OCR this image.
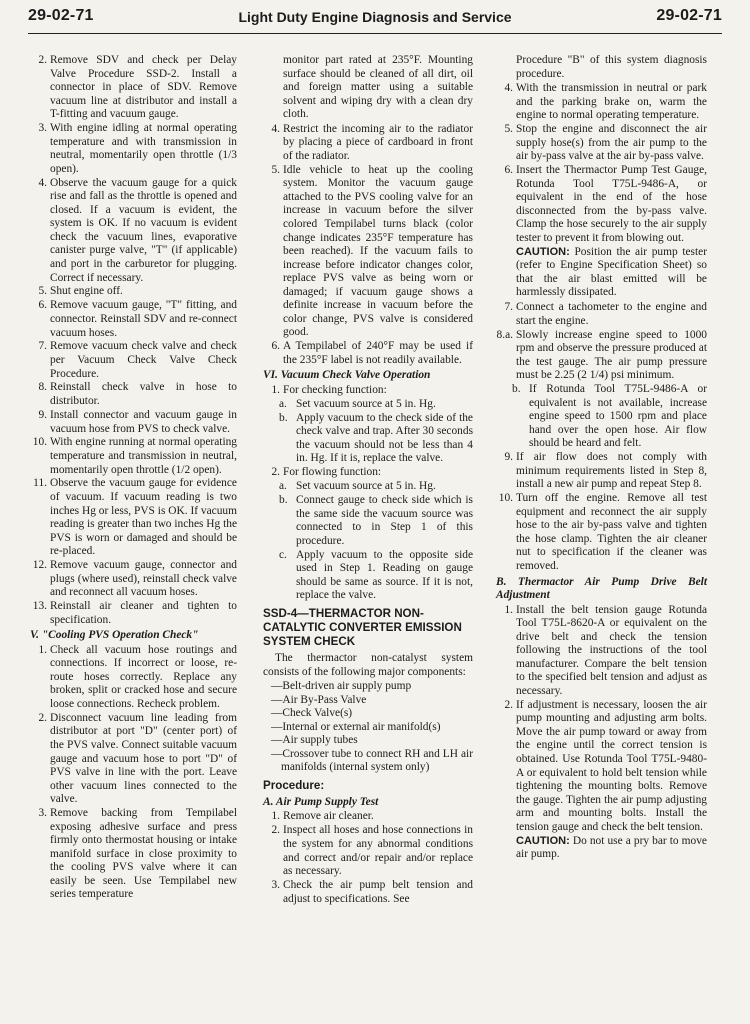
29-02-71	Light Duty Engine Diagnosis and Service	29-02-71
2. Remove SDV and check per Delay Valve Procedure SSD-2. Install a connector in place of SDV. Remove vacuum line at distributor and install a T-fitting and vacuum gauge.
3. With engine idling at normal operating temperature and with transmission in neutral, momentarily open throttle (1/3 open).
4. Observe the vacuum gauge for a quick rise and fall as the throttle is opened and closed. If a vacuum is evident, the system is OK. If no vacuum is evident check the vacuum lines, evaporative canister purge valve, "T" (if applicable) and port in the carburetor for plugging. Correct if necessary.
5. Shut engine off.
6. Remove vacuum gauge, "T" fitting, and connector. Reinstall SDV and re-connect vacuum hoses.
7. Remove vacuum check valve and check per Vacuum Check Valve Check Procedure.
8. Reinstall check valve in hose to distributor.
9. Install connector and vacuum gauge in vacuum hose from PVS to check valve.
10. With engine running at normal operating temperature and transmission in neutral, momentarily open throttle (1/2 open).
11. Observe the vacuum gauge for evidence of vacuum. If vacuum reading is two inches Hg or less, PVS is OK. If vacuum reading is greater than two inches Hg the PVS is worn or damaged and should be re-placed.
12. Remove vacuum gauge, connector and plugs (where used), reinstall check valve and reconnect all vacuum hoses.
13. Reinstall air cleaner and tighten to specification.

V. "Cooling PVS Operation Check"

1. Check all vacuum hose routings and connections. If incorrect or loose, re-route hoses correctly. Replace any broken, split or cracked hose and secure loose connections. Recheck problem.
2. Disconnect vacuum line leading from distributor at port "D" (center port) of the PVS valve. Connect suitable vacuum gauge and vacuum hose to port "D" of PVS valve in line with the port. Leave other vacuum lines connected to the valve.
3. Remove backing from Tempilabel exposing adhesive surface and press firmly onto thermostat housing or intake manifold surface in close proximity to the cooling PVS valve where it can easily be seen. Use Tempilabel new series temperature

monitor part rated at 235°F. Mounting surface should be cleaned of all dirt, oil and foreign matter using a suitable solvent and wiping dry with a clean dry cloth.

4. Restrict the incoming air to the radiator by placing a piece of cardboard in front of the radiator.
5. Idle vehicle to heat up the cooling system. Monitor the vacuum gauge attached to the PVS cooling valve for an increase in vacuum before the silver colored Tempilabel turns black (color change indicates 235°F temperature has been reached). If the vacuum fails to increase before indicator changes color, replace PVS valve as being worn or damaged; if vacuum gauge shows a definite increase in vacuum before the color change, PVS valve is considered good.
6. A Tempilabel of 240°F may be used if the 235°F label is not readily available.

VI. Vacuum Check Valve Operation

1. For checking function:
a. Set vacuum source at 5 in. Hg.
b. Apply vacuum to the check side of the check valve and trap. After 30 seconds the vacuum should not be less than 4 in. Hg. If it is, replace the valve.
2. For flowing function:
a. Set vacuum source at 5 in. Hg.
b. Connect gauge to check side which is the same side the vacuum source was connected to in Step 1 of this procedure.
c. Apply vacuum to the opposite side used in Step 1. Reading on gauge should be same as source. If it is not, replace the valve.

SSD-4—THERMACTOR NON-CATALYTIC CONVERTER EMISSION SYSTEM CHECK

The thermactor non-catalyst system consists of the following major components:

—Belt-driven air supply pump

—Air By-Pass Valve

—Check Valve(s)

—Internal or external air manifold(s)

—Air supply tubes

—Crossover tube to connect RH and LH air manifolds (internal system only)

Procedure:

A. Air Pump Supply Test

1. Remove air cleaner.
2. Inspect all hoses and hose connections in the system for any abnormal conditions and correct and/or repair and/or replace as necessary.
3. Check the air pump belt tension and adjust to specifications. See

Procedure "B" of this system diagnosis procedure.

4. With the transmission in neutral or park and the parking brake on, warm the engine to normal operating temperature.
5. Stop the engine and disconnect the air supply hose(s) from the air pump to the air by-pass valve at the air by-pass valve.
6. Insert the Thermactor Pump Test Gauge, Rotunda Tool T75L-9486-A, or equivalent in the end of the hose disconnected from the by-pass valve. Clamp the hose securely to the air supply tester to prevent it from blowing out.

CAUTION: Position the air pump tester (refer to Engine Specification Sheet) so that the air blast emitted will be harmlessly dissipated.

7. Connect a tachometer to the engine and start the engine.
8.a. Slowly increase engine speed to 1000 rpm and observe the pressure produced at the test gauge. The air pump pressure must be 2.25 (2 1/4) psi minimum.
b. If Rotunda Tool T75L-9486-A or equivalent is not available, increase engine speed to 1500 rpm and place hand over the open hose. Air flow should be heard and felt.
9. If air flow does not comply with minimum requirements listed in Step 8, install a new air pump and repeat Step 8.
10. Turn off the engine. Remove all test equipment and reconnect the air supply hose to the air by-pass valve and tighten the hose clamp. Tighten the air cleaner nut to specification if the cleaner was removed.

B. Thermactor Air Pump Drive Belt Adjustment

1. Install the belt tension gauge Rotunda Tool T75L-8620-A or equivalent on the drive belt and check the tension following the instructions of the tool manufacturer. Compare the belt tension to the specified belt tension and adjust as necessary.
2. If adjustment is necessary, loosen the air pump mounting and adjusting arm bolts. Move the air pump toward or away from the engine until the correct tension is obtained. Use Rotunda Tool T75L-9480-A or equivalent to hold belt tension while tightening the mounting bolts. Remove the gauge. Tighten the air pump adjusting arm and mounting bolts. Install the tension gauge and check the belt tension.

CAUTION: Do not use a pry bar to move air pump.
